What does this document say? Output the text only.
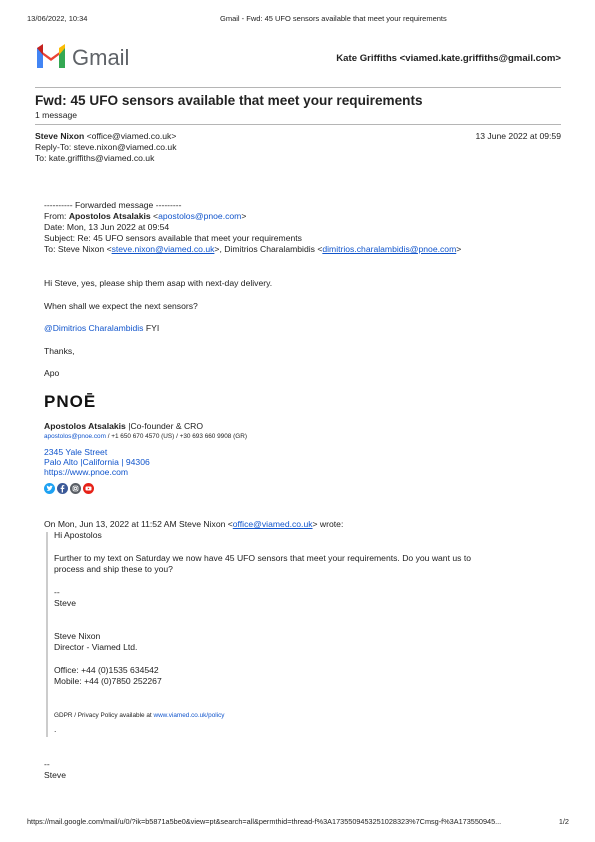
13/06/2022, 10:34	Gmail - Fwd: 45 UFO sensors available that meet your requirements
Gmail	Kate Griffiths <viamed.kate.griffiths@gmail.com>
Fwd: 45 UFO sensors available that meet your requirements
1 message
Steve Nixon <office@viamed.co.uk>	13 June 2022 at 09:59
Reply-To: steve.nixon@viamed.co.uk
To: kate.griffiths@viamed.co.uk
---------- Forwarded message ---------
From: Apostolos Atsalakis <apostolos@pnoe.com>
Date: Mon, 13 Jun 2022 at 09:54
Subject: Re: 45 UFO sensors available that meet your requirements
To: Steve Nixon <steve.nixon@viamed.co.uk>, Dimitrios Charalambidis <dimitrios.charalambidis@pnoe.com>
Hi Steve, yes, please ship them asap with next-day delivery.
When shall we expect the next sensors?
@Dimitrios Charalambidis FYI
Thanks,
Apo
PNOĒ
Apostolos Atsalakis |Co-founder & CRO
apostolos@pnoe.com / +1 650 670 4570 (US) / +30 693 660 9908 (GR)
2345 Yale Street
Palo Alto |California | 94306
https://www.pnoe.com
On Mon, Jun 13, 2022 at 11:52 AM Steve Nixon <office@viamed.co.uk> wrote:
Hi Apostolos
Further to my text on Saturday we now have 45 UFO sensors that meet your requirements. Do you want us to
process and ship these to you?
--
Steve
Steve Nixon
Director - Viamed Ltd.
Office: +44 (0)1535 634542
Mobile: +44 (0)7850 252267
GDPR / Privacy Policy available at www.viamed.co.uk/policy
.
--
Steve
https://mail.google.com/mail/u/0/?ik=b5871a5be0&view=pt&search=all&permthid=thread-f%3A1735509453251028323%7Cmsg-f%3A173550945...	1/2
